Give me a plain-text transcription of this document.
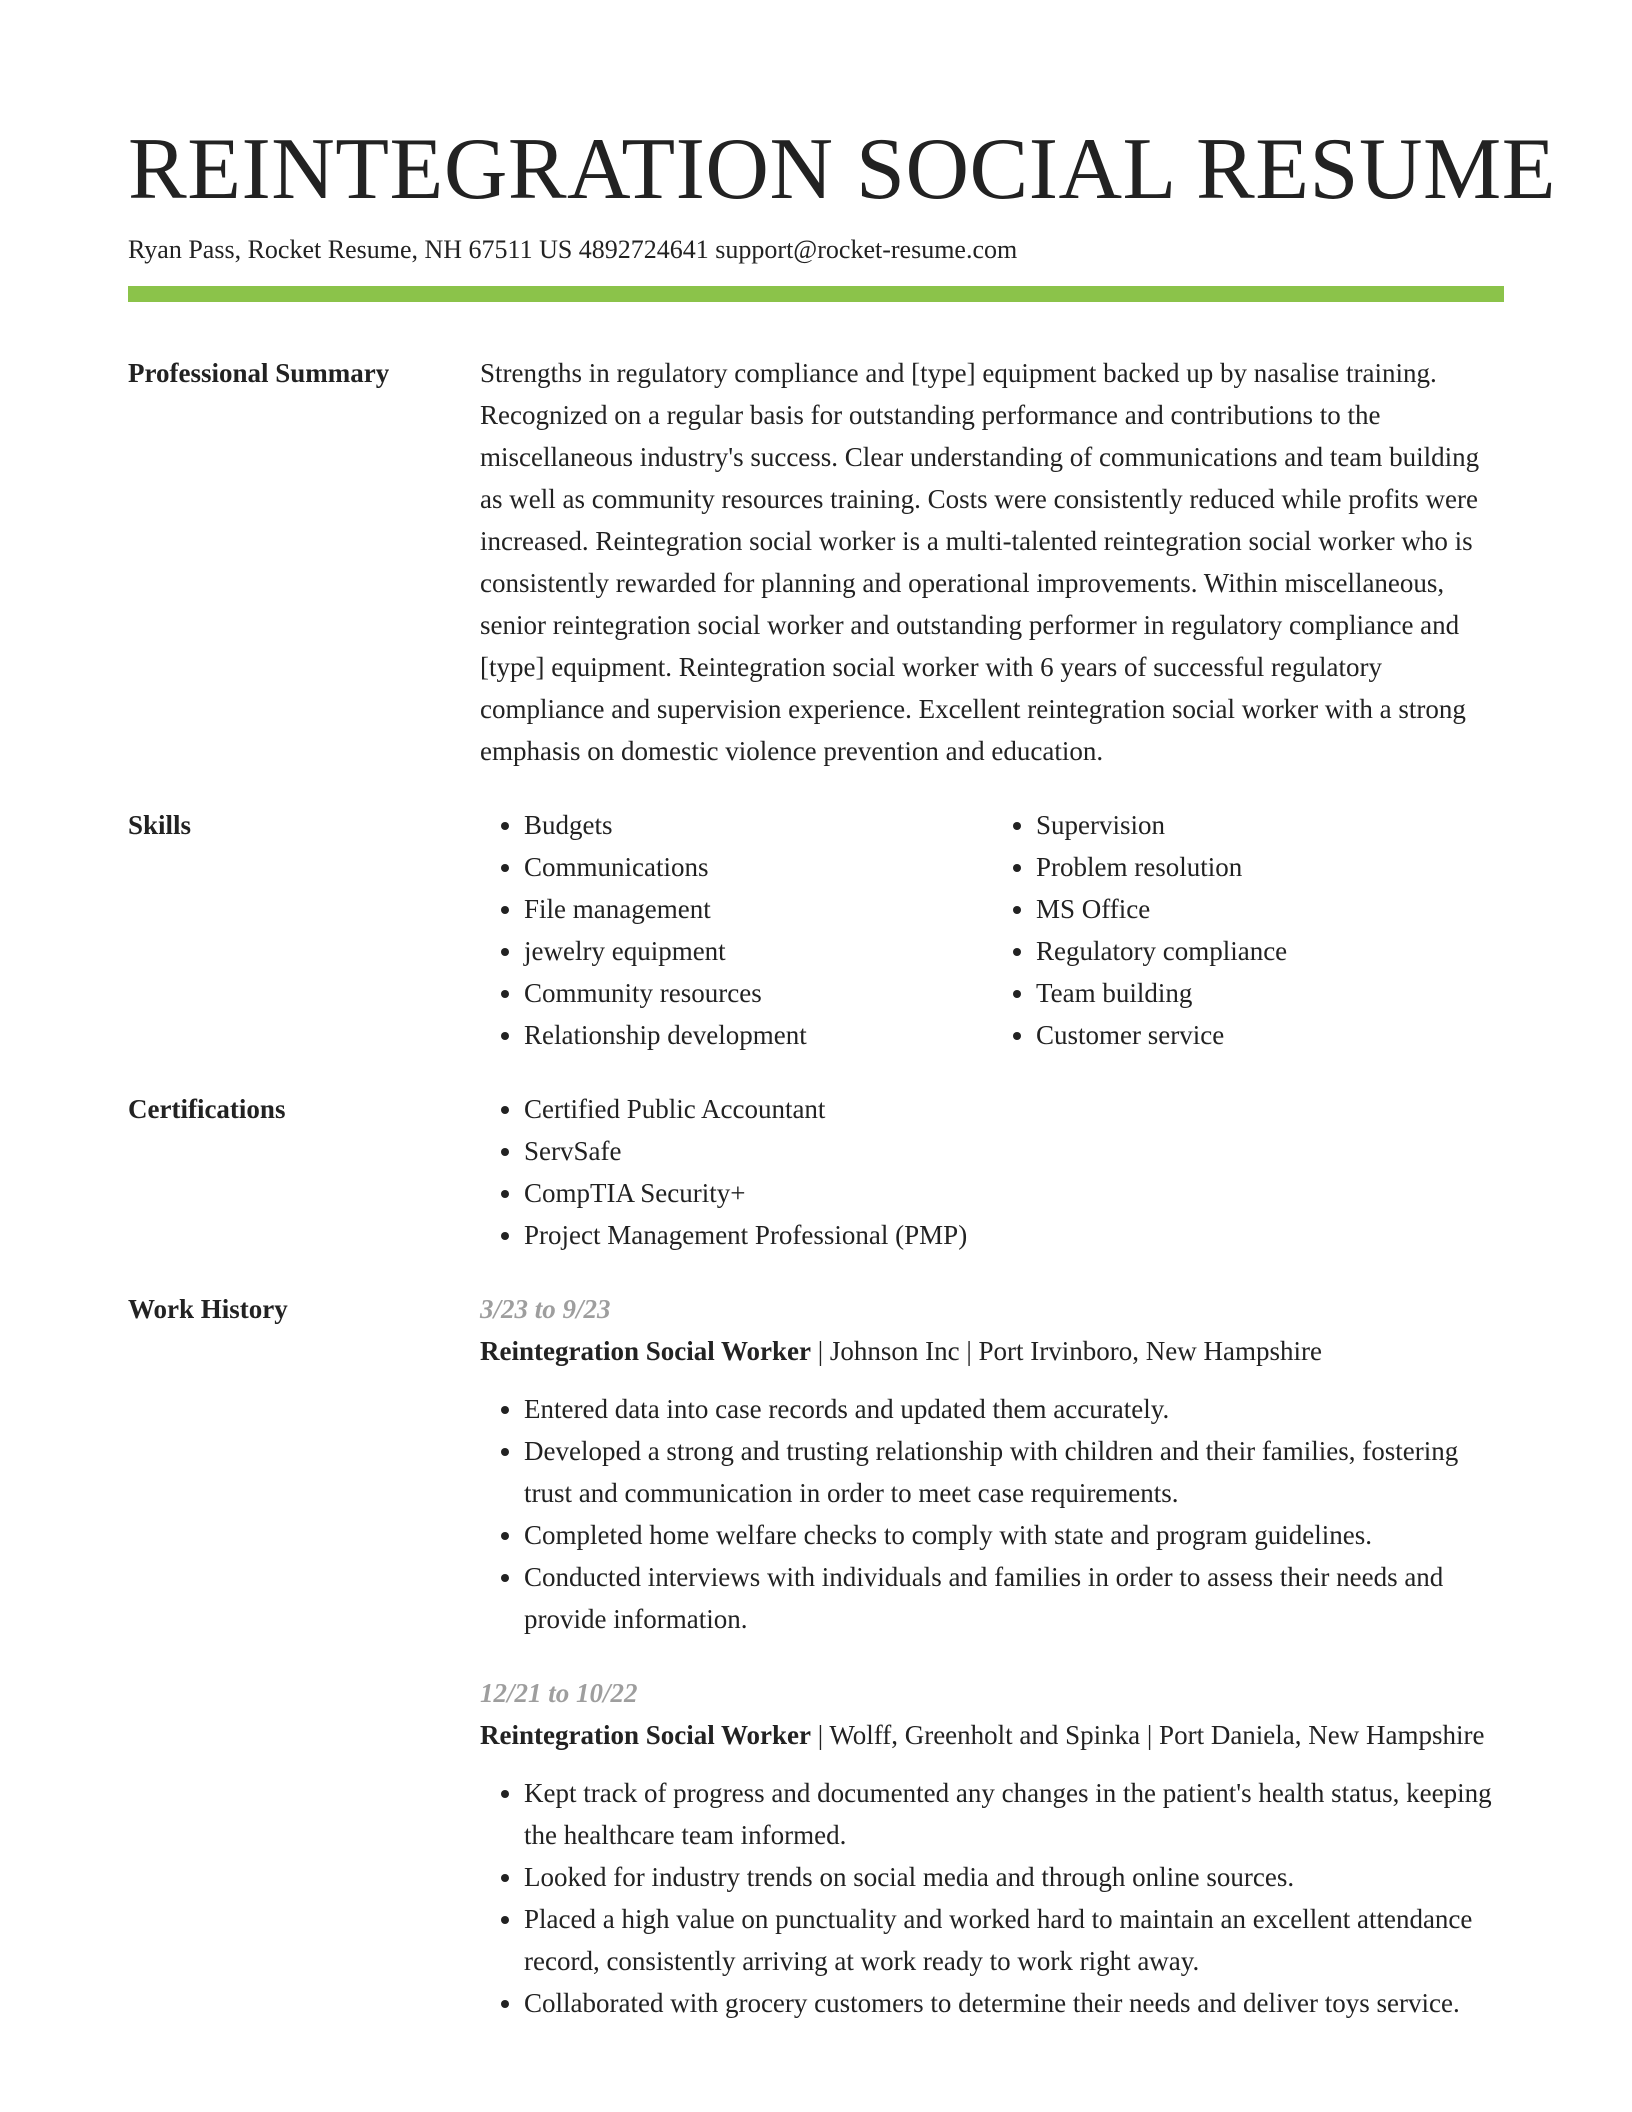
REINTEGRATION SOCIAL RESUME
Ryan Pass, Rocket Resume, NH 67511 US 4892724641 support@rocket-resume.com
Professional Summary	Strengths in regulatory compliance and [type] equipment backed up by nasalise training. Recognized on a regular basis for outstanding performance and contributions to the miscellaneous industry's success. Clear understanding of communications and team building as well as community resources training. Costs were consistently reduced while profits were increased. Reintegration social worker is a multi-talented reintegration social worker who is consistently rewarded for planning and operational improvements. Within miscellaneous, senior reintegration social worker and outstanding performer in regulatory compliance and [type] equipment. Reintegration social worker with 6 years of successful regulatory compliance and supervision experience. Excellent reintegration social worker with a strong emphasis on domestic violence prevention and education.

Skills	• Budgets
• Communications
• File management
• jewelry equipment
• Community resources
• Relationship development
• Supervision
• Problem resolution
• MS Office
• Regulatory compliance
• Team building
• Customer service
Certifications	• Certified Public Accountant
• ServSafe
• CompTIA Security+
• Project Management Professional (PMP)
Work History	3/23 to 9/23
Reintegration Social Worker | Johnson Inc | Port Irvinboro, New Hampshire
• Entered data into case records and updated them accurately.
• Developed a strong and trusting relationship with children and their families, fostering trust and communication in order to meet case requirements.
• Completed home welfare checks to comply with state and program guidelines.
• Conducted interviews with individuals and families in order to assess their needs and provide information.
12/21 to 10/22
Reintegration Social Worker | Wolff, Greenholt and Spinka | Port Daniela, New Hampshire
• Kept track of progress and documented any changes in the patient's health status, keeping the healthcare team informed.
• Looked for industry trends on social media and through online sources.
• Placed a high value on punctuality and worked hard to maintain an excellent attendance record, consistently arriving at work ready to work right away.
• Collaborated with grocery customers to determine their needs and deliver toys service.
